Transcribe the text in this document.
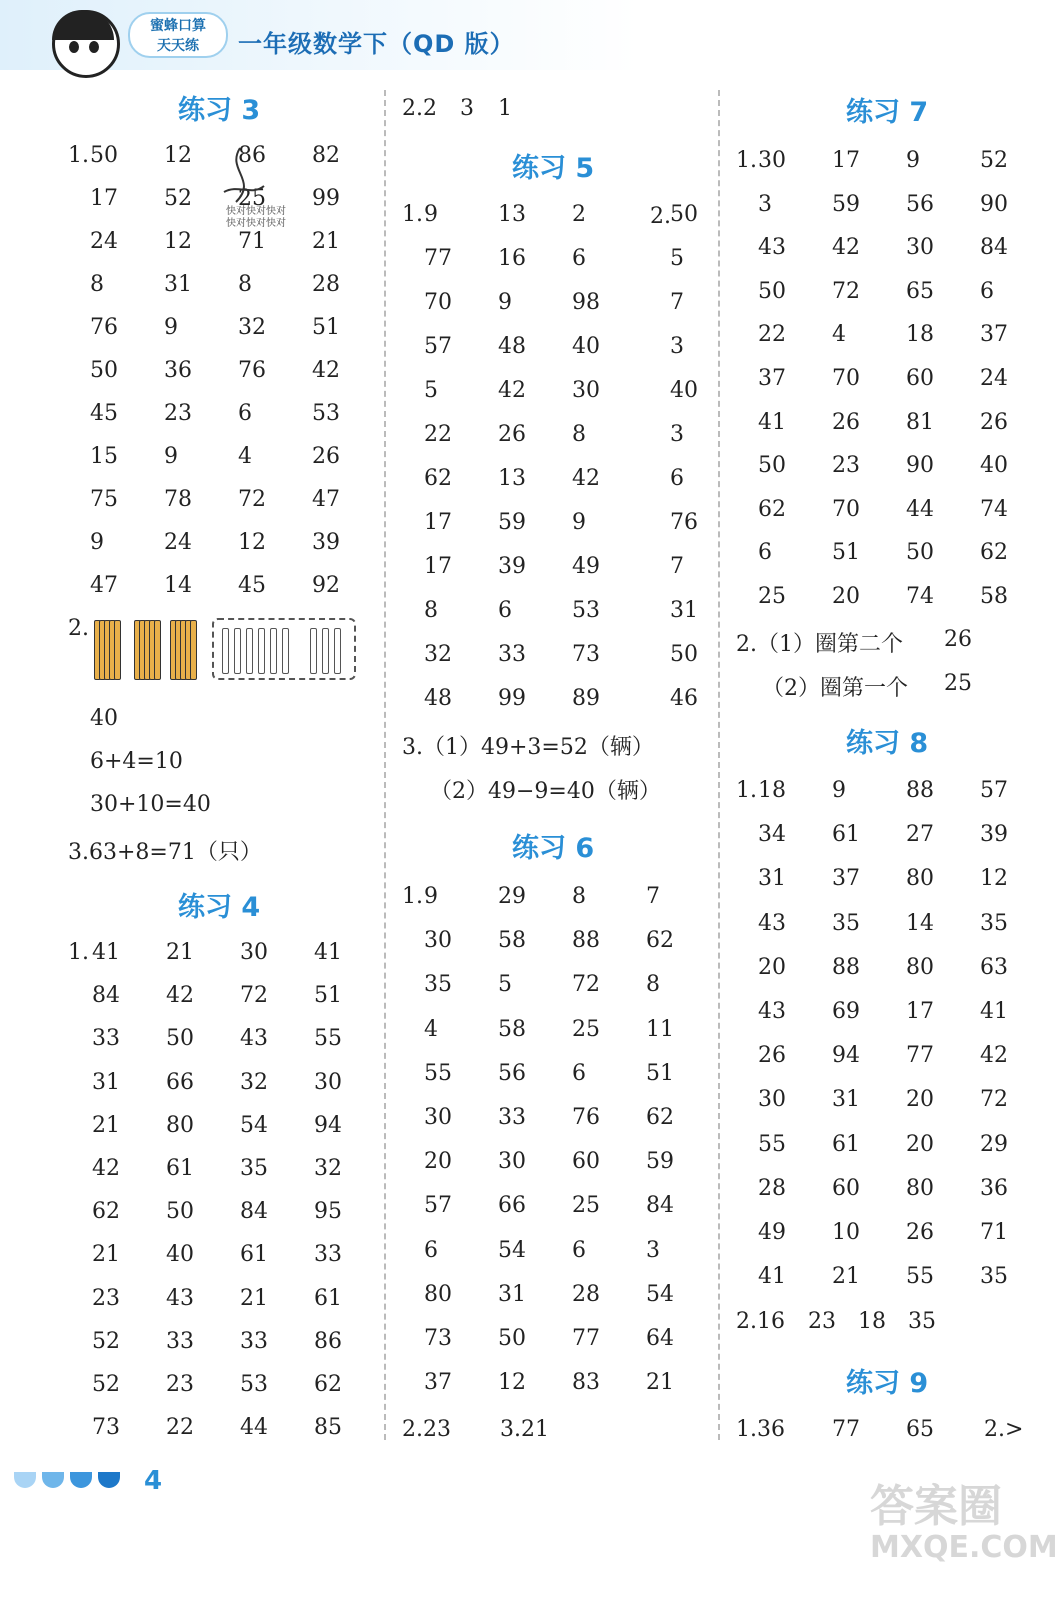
蜜蜂口算
天天练	一年级数学下（QD 版）
练习 3
1. 50 12 86 82
17 52 25 99
24 12 71 21
8	31 8	28
76 9	32 51
50 36 76 42
45 23 6	53
15 9	4	26
75 78 72 47
9	24 12 39
47 14 45 92
快对快对快对
快对快对快对
2.
40
6+4=10
30+10=40
3.63+8=71（只）
练习 4
1. 41 21 30 41
84 42 72 51
33 50 43 55
31 66 32 30
21 80 54 94
42 61 35 32
62 50 84 95
21 40 61 33
23 43 21 61
52 33 33 86
52 23 53 62
73 22 44 85
2.2 3 1
练习 5
1.	2.
9	13 2	50
77 16 6	5
70 9	98	7
57 48 40	3
5	42 30	40
22 26 8	3
62 13 42	6
17 59 9	76
17 39 49	7
8	6	53	31
32 33 73	50
48 99 89	46
3.（1）49+3=52（辆）
（2）49−9=40（辆）
练习 6
1. 9	29 8	7
30 58 88 62
35 5	72 8
4	58 25 11
55 56 6	51
30 33 76 62
20 30 60 59
57 66 25 84
6	54 6	3
80 31 28 54
73 50 77 64
37 12 83 21
2.23 3.21
练习 7
1. 30 17 9	52
3	59 56 90
43 42 30 84
50 72 65 6
22 4	18 37
37 70 60 24
41 26 81 26
50 23 90 40
62 70 44 74
6	51 50 62
25 20 74 58
2.（1）圈第二个 26
（2）圈第一个 25
练习 8
1. 18 9	88 57
34 61 27 39
31 37 80 12
43 35 14 35
20 88 80 63
43 69 17 41
26 94 77 42
30 31 20 72
55 61 20 29
28 60 80 36
49 10 26 71
41 21 55 35
2.16 23 18 35
练习 9
1.36 77 65 2.>
4	答案圈
MXQE.COM
